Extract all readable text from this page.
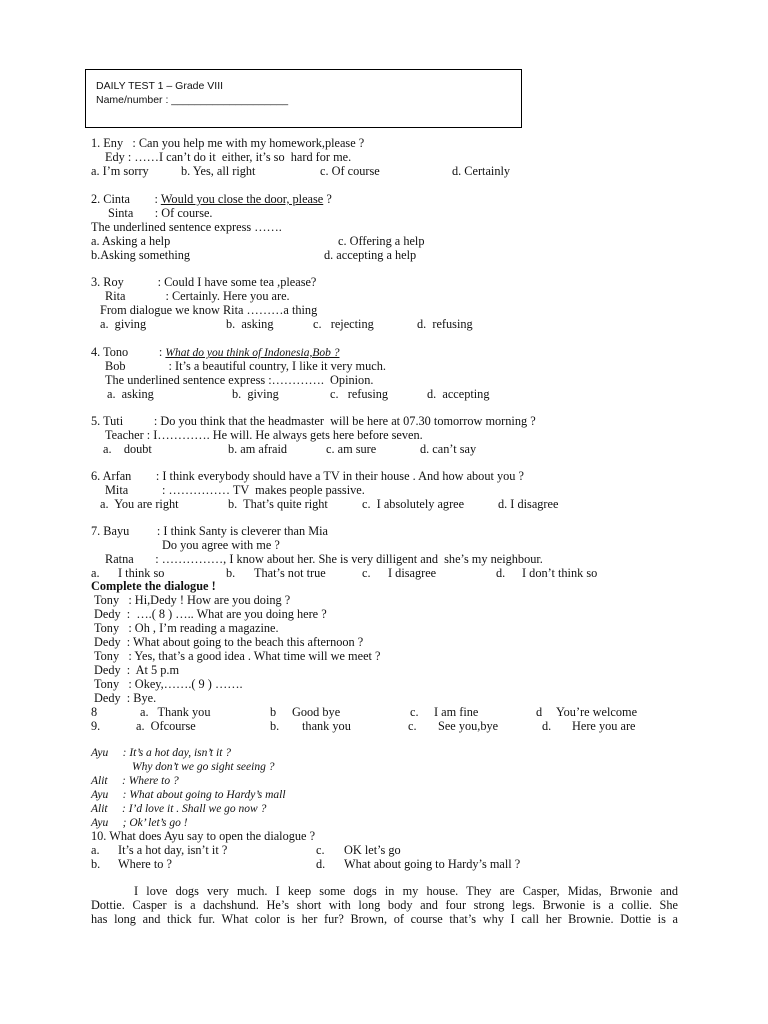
DAILY TEST 1 – Grade VIII
Name/number : ____________________
1. Eny   : Can you help me with my homework,please ?
Edy : ……I can’t do it  either, it’s so  hard for me.
a. I’m sorry	b. Yes, all right	c. Of course	d. Certainly
2. Cinta        : Would you close the door, please ?
Sinta       : Of course.
The underlined sentence express …….
a. Asking a help	c. Offering a help
b.Asking something	d. accepting a help
3. Roy           : Could I have some tea ,please?
Rita             : Certainly. Here you are.
From dialogue we know Rita ………a thing
a.  giving	b.  asking	c.   rejecting	d.  refusing
4. Tono          : What do you think of Indonesia,Bob ?
Bob              : It’s a beautiful country, I like it very much.
The underlined sentence express :………….  Opinion.
a.  asking	b.  giving	c.   refusing	d.  accepting
5. Tuti          : Do you think that the headmaster  will be here at 07.30 tomorrow morning ?
Teacher : I…………. He will. He always gets here before seven.
a.    doubt	b. am afraid	c. am sure	d. can’t say
6. Arfan        : I think everybody should have a TV in their house . And how about you ?
Mita           : …………… TV  makes people passive.
a.  You are right	b.  That’s quite right	c.  I absolutely agree	d. I disagree
7. Bayu         : I think Santy is cleverer than Mia
Do you agree with me ?
Ratna       : ……………, I know about her. She is very dilligent and  she’s my neighbour.
a. I think so	b. That’s not true	c. I disagree	d. I don’t think so
Complete the dialogue !
Tony   : Hi,Dedy ! How are you doing ?
Dedy  :  ….( 8 ) ….. What are you doing here ?
Tony   : Oh , I’m reading a magazine.
Dedy  : What about going to the beach this afternoon ?
Tony   : Yes, that’s a good idea . What time will we meet ?
Dedy  :  At 5 p.m
Tony   : Okey,…….( 9 ) …….
Dedy  : Bye.
8	a.   Thank you	b Good bye	c. I am fine	d You’re welcome
9.	a.  Ofcourse	b. thank you	c. See you,bye	d. Here you are
Ayu     : It’s a hot day, isn’t it ?
Why don’t we go sight seeing ?
Alit     : Where to ?
Ayu     : What about going to Hardy’s mall
Alit     : I’d love it . Shall we go now ?
Ayu     ; Ok’ let’s go !
10. What does Ayu say to open the dialogue ?
a. It’s a hot day, isn’t it ?	c. OK let’s go
b. Where to ?	d. What about going to Hardy’s mall ?
I love dogs very much. I keep some dogs in my house. They are Casper, Midas, Brwonie and
Dottie. Casper is a dachshund. He’s short with long body and four strong legs. Brwonie is a collie. She
has long and thick fur. What color is her fur? Brown, of course that’s why I call her Brownie. Dottie is a
